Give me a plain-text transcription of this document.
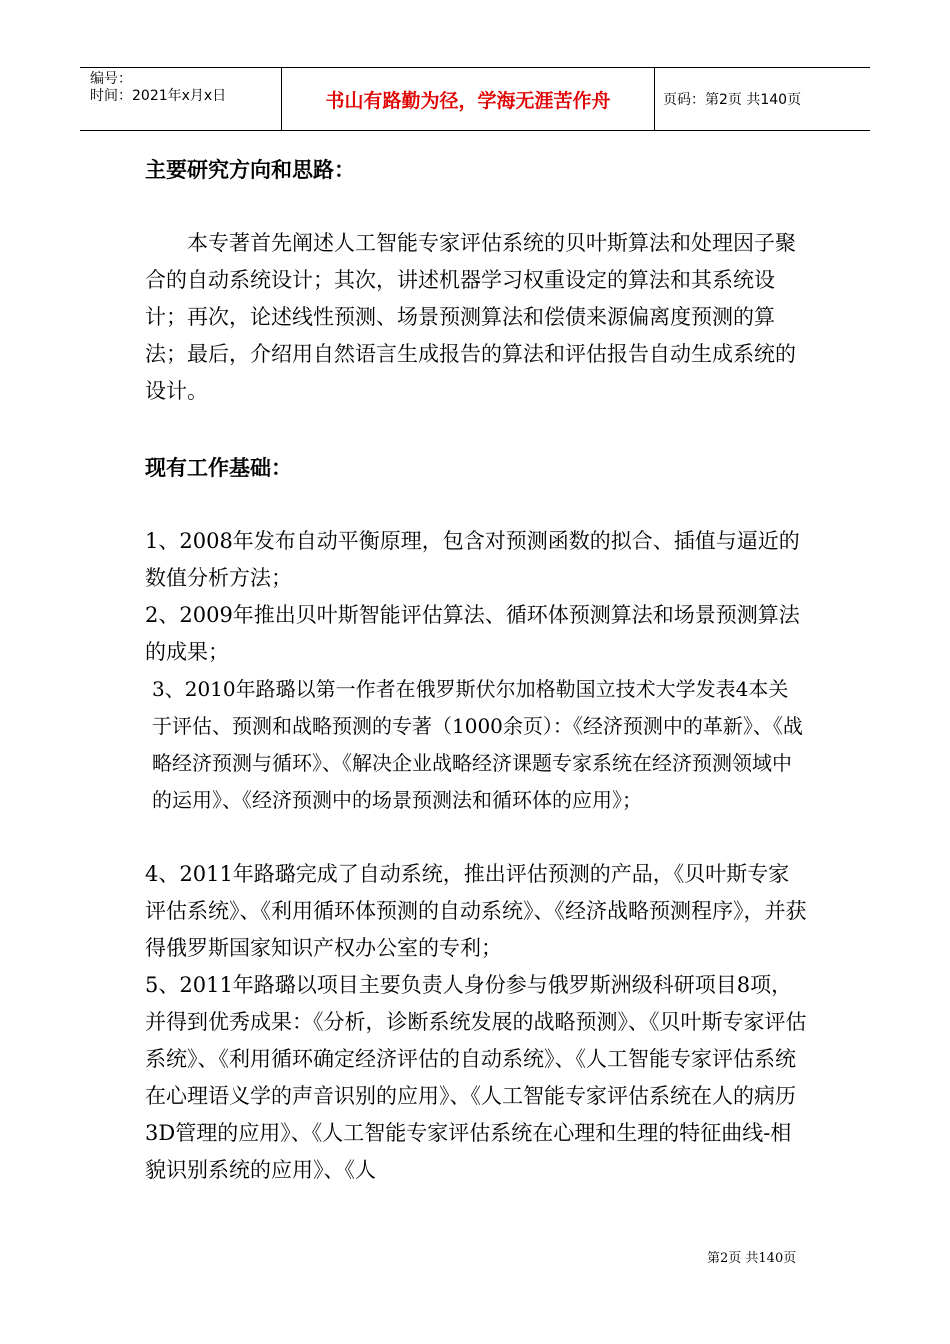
编号：
时间：2021年x月x日	书山有路勤为径，学海无涯苦作舟	页码：第2页 共140页
主要研究方向和思路：
本专著首先阐述人工智能专家评估系统的贝叶斯算法和处理因子聚合的自动系统设计；其次，讲述机器学习权重设定的算法和其系统设计；再次，论述线性预测、场景预测算法和偿债来源偏离度预测的算法；最后，介绍用自然语言生成报告的算法和评估报告自动生成系统的设计。
现有工作基础：
1、2008年发布自动平衡原理，包含对预测函数的拟合、插值与逼近的数值分析方法；
2、2009年推出贝叶斯智能评估算法、循环体预测算法和场景预测算法的成果；
3、2010年路璐以第一作者在俄罗斯伏尔加格勒国立技术大学发表4本关于评估、预测和战略预测的专著（1000余页）：《经济预测中的革新》、《战略经济预测与循环》、《解决企业战略经济课题专家系统在经济预测领域中的运用》、《经济预测中的场景预测法和循环体的应用》；
4、2011年路璐完成了自动系统，推出评估预测的产品，《贝叶斯专家评估系统》、《利用循环体预测的自动系统》、《经济战略预测程序》，并获得俄罗斯国家知识产权办公室的专利；
5、2011年路璐以项目主要负责人身份参与俄罗斯洲级科研项目8项，并得到优秀成果：《分析，诊断系统发展的战略预测》、《贝叶斯专家评估系统》、《利用循环确定经济评估的自动系统》、《人工智能专家评估系统在心理语义学的声音识别的应用》、《人工智能专家评估系统在人的病历3D管理的应用》、《人工智能专家评估系统在心理和生理的特征曲线-相貌识别系统的应用》、《人
第2页 共140页
